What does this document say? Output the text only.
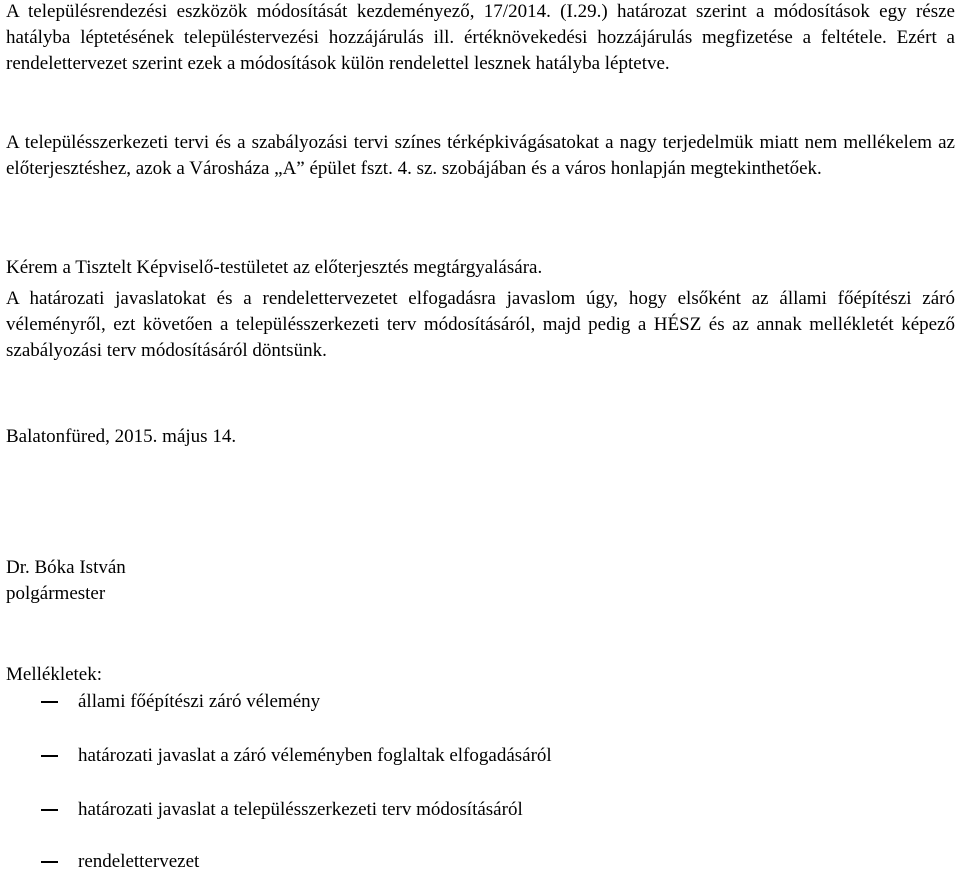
A településrendezési eszközök módosítását kezdeményező, 17/2014. (I.29.) határozat szerint a módosítások egy része hatályba léptetésének településtervezési hozzájárulás ill. értéknövekedési hozzájárulás megfizetése a feltétele. Ezért a rendelettervezet szerint ezek a módosítások külön rendelettel lesznek hatályba léptetve.

A településszerkezeti tervi és a szabályozási tervi színes térképkivágásatokat a nagy terjedelmük miatt nem mellékelem az előterjesztéshez, azok a Városháza „A” épület fszt. 4. sz. szobájában és a város honlapján megtekinthetőek.

Kérem a Tisztelt Képviselő-testületet az előterjesztés megtárgyalására.

A határozati javaslatokat és a rendelettervezetet elfogadásra javaslom úgy, hogy elsőként az állami főépítészi záró véleményről, ezt követően a településszerkezeti terv módosításáról, majd pedig a HÉSZ és az annak mellékletét képező szabályozási terv módosításáról döntsünk.

Balatonfüred, 2015. május 14.

Dr. Bóka István

polgármester

Mellékletek:

állami főépítészi záró vélemény
határozati javaslat a záró véleményben foglaltak elfogadásáról
határozati javaslat a településszerkezeti terv módosításáról
rendelettervezet
